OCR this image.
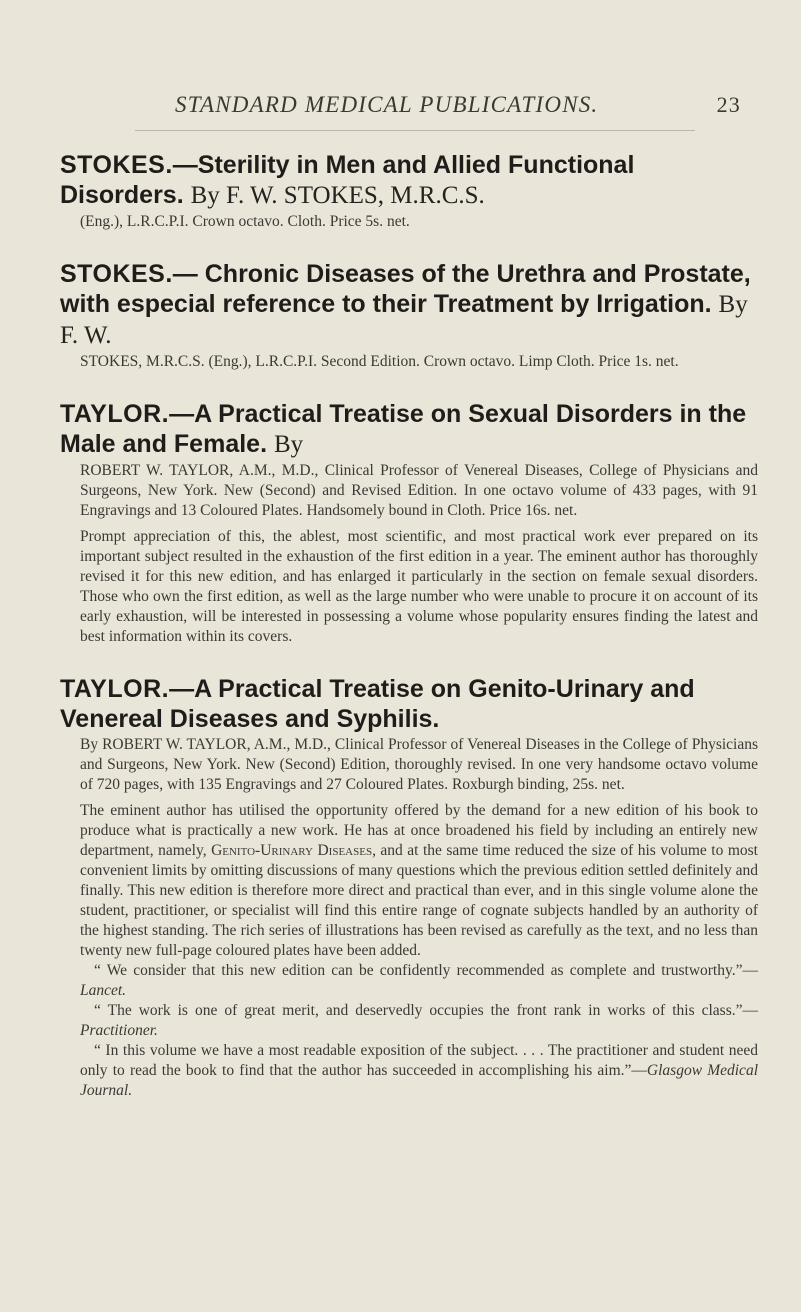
STANDARD MEDICAL PUBLICATIONS.	23

STOKES.—Sterility in Men and Allied Functional Disorders. By F. W. STOKES, M.R.C.S.

(Eng.), L.R.C.P.I. Crown octavo. Cloth. Price 5s. net.

STOKES.— Chronic Diseases of the Urethra and Prostate, with especial reference to their Treatment by Irrigation. By F. W.

STOKES, M.R.C.S. (Eng.), L.R.C.P.I. Second Edition. Crown octavo. Limp Cloth. Price 1s. net.

TAYLOR.—A Practical Treatise on Sexual Disorders in the Male and Female. By

ROBERT W. TAYLOR, A.M., M.D., Clinical Professor of Venereal Diseases, College of Physicians and Surgeons, New York. New (Second) and Revised Edition. In one octavo volume of 433 pages, with 91 Engravings and 13 Coloured Plates. Handsomely bound in Cloth. Price 16s. net.

Prompt appreciation of this, the ablest, most scientific, and most practical work ever prepared on its important subject resulted in the exhaustion of the first edition in a year. The eminent author has thoroughly revised it for this new edition, and has enlarged it particularly in the section on female sexual disorders. Those who own the first edition, as well as the large number who were unable to procure it on account of its early exhaustion, will be interested in possessing a volume whose popularity ensures finding the latest and best information within its covers.

TAYLOR.—A Practical Treatise on Genito-Urinary and Venereal Diseases and Syphilis.

By ROBERT W. TAYLOR, A.M., M.D., Clinical Professor of Venereal Diseases in the College of Physicians and Surgeons, New York. New (Second) Edition, thoroughly revised. In one very handsome octavo volume of 720 pages, with 135 Engravings and 27 Coloured Plates. Roxburgh binding, 25s. net.

The eminent author has utilised the opportunity offered by the demand for a new edition of his book to produce what is practically a new work. He has at once broadened his field by including an entirely new department, namely, Genito-Urinary Diseases, and at the same time reduced the size of his volume to most convenient limits by omitting discussions of many questions which the previous edition settled definitely and finally. This new edition is therefore more direct and practical than ever, and in this single volume alone the student, practitioner, or specialist will find this entire range of cognate subjects handled by an authority of the highest standing. The rich series of illustrations has been revised as carefully as the text, and no less than twenty new full-page coloured plates have been added.

“ We consider that this new edition can be confidently recommended as complete and trustworthy.”—Lancet.

“ The work is one of great merit, and deservedly occupies the front rank in works of this class.”—Practitioner.

“ In this volume we have a most readable exposition of the subject. . . . The practitioner and student need only to read the book to find that the author has succeeded in accomplishing his aim.”—Glasgow Medical Journal.
